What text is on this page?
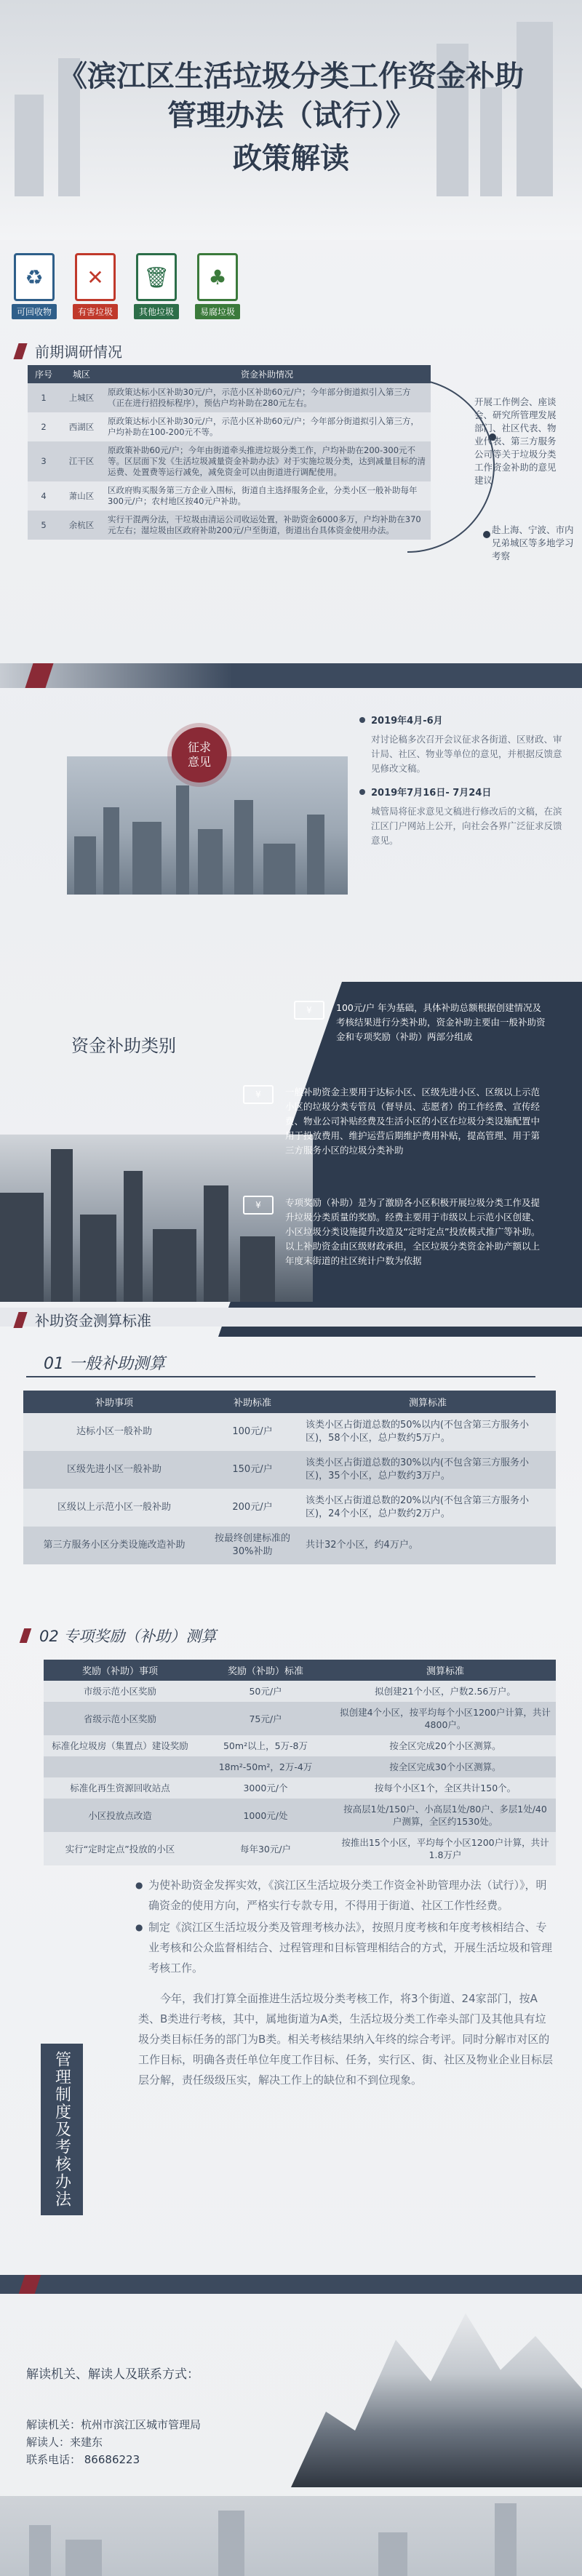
《滨江区生活垃圾分类工作资金补助
管理办法（试行）》
政策解读
♻
可回收物
✕
有害垃圾
🗑
其他垃圾
♣
易腐垃圾
前期调研情况
序号	城区	资金补助情况
1	上城区	原政策达标小区补助30元/户，示范小区补助60元/户；今年部分街道拟引入第三方（正在进行招投标程序），预估户均补助在280元左右。
2	西湖区	原政策达标小区补助30元/户，示范小区补助60元/户；今年部分街道拟引入第三方，户均补助在100-200元不等。
3	江干区	原政策补助60元/户；今年由街道牵头推进垃圾分类工作，户均补助在200-300元不等。区层面下发《生活垃圾减量资金补助办法》对于实施垃圾分类，达到减量目标的清运费、处置费等运行减免，减免资金可以由街道进行调配使用。
4	萧山区	区政府购买服务第三方企业入围标，街道自主选择服务企业，分类小区一般补助每年300元/户；农村地区按40元户补助。
5	余杭区	实行干混两分法，干垃圾由清运公司收运处置，补助资金6000多万，户均补助在370元左右；湿垃圾由区政府补助200元/户至街道，街道出台具体资金使用办法。
开展工作例会、座谈会、研究所管理发展部门、社区代表、物业代表、第三方服务公司等关于垃圾分类工作资金补助的意见建议
赴上海、宁波、市内兄弟城区等多地学习考察
征求
意见
2019年4月-6月
对讨论稿多次召开会议征求各街道、区财政、审计局、社区、物业等单位的意见，并根据反馈意见修改文稿。
2019年7月16日- 7月24日
城管局将征求意见文稿进行修改后的文稿，在滨江区门户网站上公开，向社会各界广泛征求反馈意见。
资金补助类别
¥	100元/户 年为基础，具体补助总额根据创建情况及考核结果进行分类补助，资金补助主要由一般补助资金和专项奖励（补助）两部分组成
¥	一般补助资金主要用于达标小区、区级先进小区、区级以上示范小区的垃圾分类专管员（督导员、志愿者）的工作经费、宣传经费、物业公司补贴经费及生活小区的小区在垃圾分类设施配置中用于投放费用、维护运营后期维护费用补贴，提高管理、用于第三方服务小区的垃圾分类补助
¥	专项奖励（补助）是为了激励各小区积极开展垃圾分类工作及提升垃圾分类质量的奖励。经费主要用于市级以上示范小区创建、小区垃圾分类设施提升改造及“定时定点”投放模式推广等补助。以上补助资金由区级财政承担，全区垃圾分类资金补助产额以上年度末街道的社区统计户数为依据
补助资金测算标准
01 一般补助测算
补助事项	补助标准	测算标准
达标小区一般补助	100元/户	该类小区占街道总数的50%以内(不包含第三方服务小区)，58个小区，总户数约5万户。
区级先进小区一般补助	150元/户	该类小区占街道总数的30%以内(不包含第三方服务小区)，35个小区，总户数约3万户。
区级以上示范小区一般补助	200元/户	该类小区占街道总数的20%以内(不包含第三方服务小区)，24个小区，总户数约2万户。
第三方服务小区分类设施改造补助	按最终创建标准的30%补助	共计32个小区，约4万户。
02 专项奖励（补助）测算
奖励（补助）事项	奖励（补助）标准	测算标准
市级示范小区奖励	50元/户	拟创建21个小区，户数2.56万户。
省级示范小区奖励	75元/户	拟创建4个小区，按平均每个小区1200户计算，共计4800户。
标准化垃圾房（集置点）建设奖励	50m²以上，5万-8万	按全区完成20个小区测算。
	18m²-50m²，2万-4万	按全区完成30个小区测算。
标准化再生资源回收站点	3000元/个	按每个小区1个，全区共计150个。
小区投放点改造	1000元/处	按高层1处/150户、小高层1处/80户、多层1处/40户测算，全区约1530处。
实行“定时定点”投放的小区	每年30元/户	按推出15个小区，平均每个小区1200户计算，共计1.8万户
管理制度及考核办法

● 为使补助资金发挥实效，《滨江区生活垃圾分类工作资金补助管理办法（试行）》，明确资金的使用方向，严格实行专款专用，不得用于街道、社区工作性经费。

● 制定《滨江区生活垃圾分类及管理考核办法》，按照月度考核和年度考核相结合、专业考核和公众监督相结合、过程管理和目标管理相结合的方式，开展生活垃圾和管理考核工作。

今年，我们打算全面推进生活垃圾分类考核工作，将3个街道、24家部门，按A类、B类进行考核，其中，属地街道为A类，生活垃圾分类工作牵头部门及其他具有垃圾分类目标任务的部门为B类。相关考核结果纳入年终的综合考评。同时分解市对区的工作目标，明确各责任单位年度工作目标、任务，实行区、街、社区及物业企业目标层层分解，责任级级压实，解决工作上的缺位和不到位现象。

解读机关、解读人及联系方式：
解读机关：杭州市滨江区城市管理局
解读人：来建东
联系电话： 86686223
